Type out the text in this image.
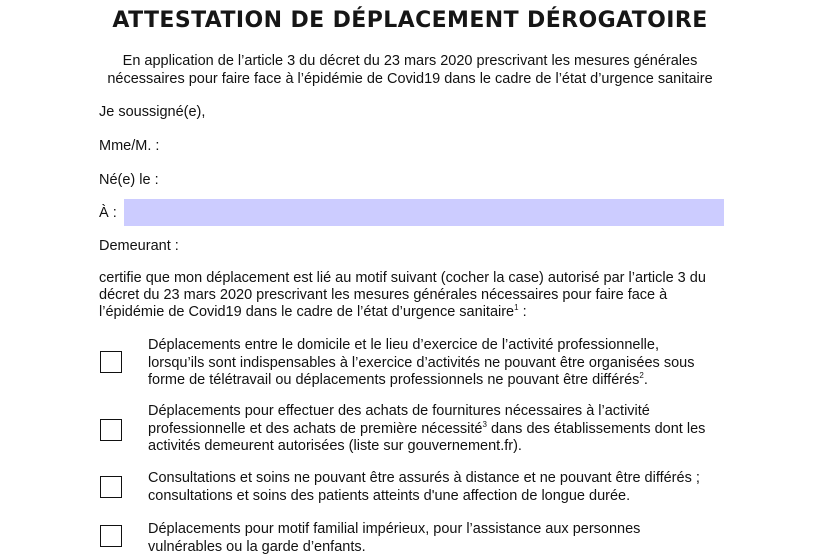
ATTESTATION DE DÉPLACEMENT DÉROGATOIRE
En application de l’article 3 du décret du 23 mars 2020 prescrivant les mesures générales
nécessaires pour faire face à l’épidémie de Covid19 dans le cadre de l’état d’urgence sanitaire
Je soussigné(e),
Mme/M. :
Né(e) le :
À :
Demeurant :
certifie que mon déplacement est lié au motif suivant (cocher la case) autorisé par l’article 3 du
décret du 23 mars 2020 prescrivant les mesures générales nécessaires pour faire face à
l’épidémie de Covid19 dans le cadre de l’état d’urgence sanitaire$^1$ :
Déplacements entre le domicile et le lieu d’exercice de l’activité professionnelle,
lorsqu’ils sont indispensables à l’exercice d’activités ne pouvant être organisées sous
forme de télétravail ou déplacements professionnels ne pouvant être différés$^2$.
Déplacements pour effectuer des achats de fournitures nécessaires à l’activité
professionnelle et des achats de première nécessité$^3$ dans des établissements dont les
activités demeurent autorisées (liste sur gouvernement.fr).
Consultations et soins ne pouvant être assurés à distance et ne pouvant être différés ;
consultations et soins des patients atteints d'une affection de longue durée.
Déplacements pour motif familial impérieux, pour l’assistance aux personnes
vulnérables ou la garde d’enfants.
